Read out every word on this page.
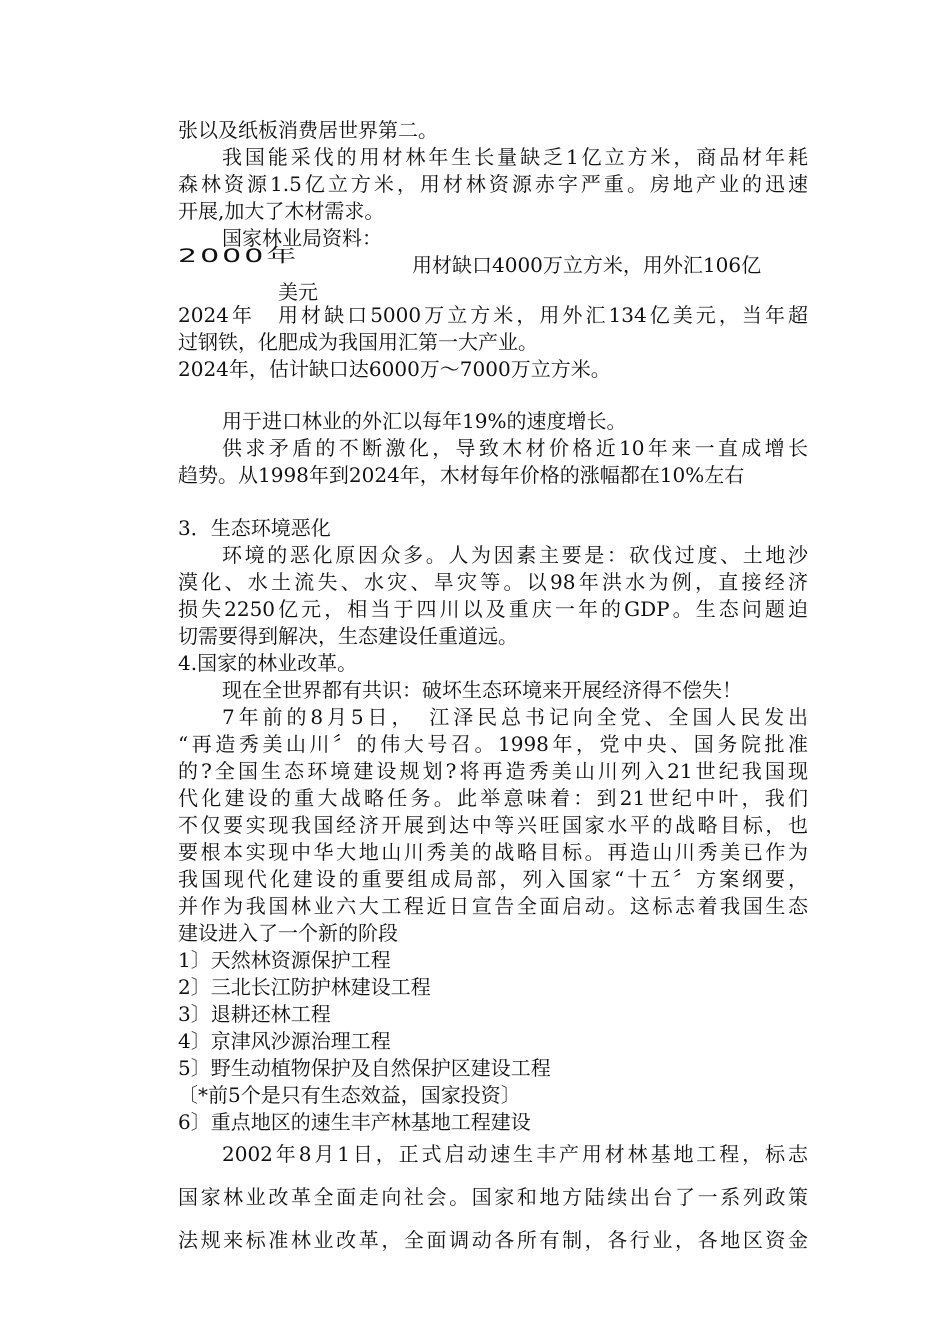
张以及纸板消费居世界第二。
我国能采伐的用材林年生长量缺乏1亿立方米，商品材年耗
森林资源1.5亿立方米，用材林资源赤字严重。房地产业的迅速
开展,加大了木材需求。
国家林业局资料：
2000年	用材缺口4000万立方米，用外汇106亿
美元
2024年　用材缺口5000万立方米，用外汇134亿美元，当年超
过钢铁，化肥成为我国用汇第一大产业。
2024年，估计缺口达6000万～7000万立方米。
用于进口林业的外汇以每年19%的速度增长。
供求矛盾的不断激化，导致木材价格近10年来一直成增长
趋势。从1998年到2024年，木材每年价格的涨幅都在10%左右
3．生态环境恶化
环境的恶化原因众多。人为因素主要是：砍伐过度、土地沙
漠化、水土流失、水灾、旱灾等。以98年洪水为例，直接经济
损失2250亿元，相当于四川以及重庆一年的GDP。生态问题迫
切需要得到解决，生态建设任重道远。
4.国家的林业改革。
现在全世界都有共识：破坏生态环境来开展经济得不偿失！
7年前的8月5日，　江泽民总书记向全党、全国人民发出
“再造秀美山川〞的伟大号召。1998年，党中央、国务院批准
的?全国生态环境建设规划?将再造秀美山川列入21世纪我国现
代化建设的重大战略任务。此举意味着：到21世纪中叶，我们
不仅要实现我国经济开展到达中等兴旺国家水平的战略目标，也
要根本实现中华大地山川秀美的战略目标。再造山川秀美已作为
我国现代化建设的重要组成局部，列入国家“十五〞方案纲要，
并作为我国林业六大工程近日宣告全面启动。这标志着我国生态
建设进入了一个新的阶段
1〕天然林资源保护工程
2〕三北长江防护林建设工程
3〕退耕还林工程
4〕京津风沙源治理工程
5〕野生动植物保护及自然保护区建设工程
〔*前5个是只有生态效益，国家投资〕
6〕重点地区的速生丰产林基地工程建设
2002年8月1日，正式启动速生丰产用材林基地工程，标志
国家林业改革全面走向社会。国家和地方陆续出台了一系列政策
法规来标准林业改革，全面调动各所有制，各行业，各地区资金
